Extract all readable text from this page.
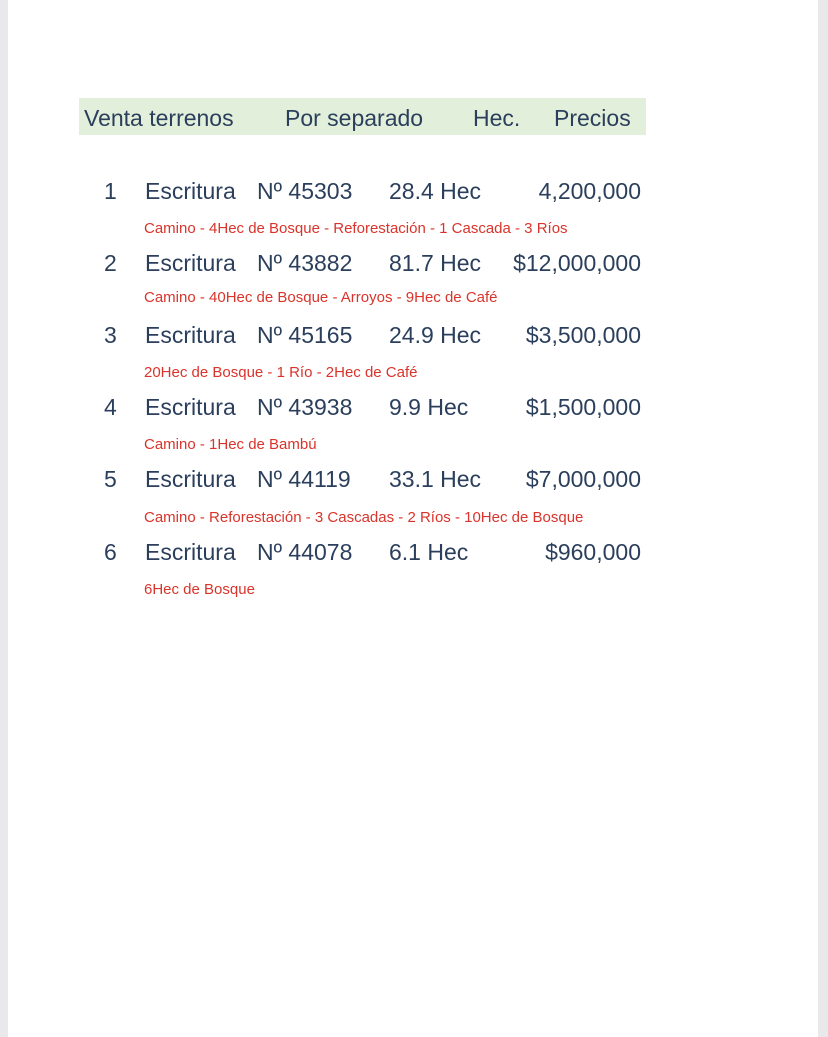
Venta terrenos Por separado Hec. Precios
1 Escritura Nº 45303 28.4 Hec	4,200,000
Camino - 4Hec de Bosque - Reforestación - 1 Cascada - 3 Ríos
2 Escritura Nº 43882 81.7 Hec $12,000,000
Camino - 40Hec de Bosque - Arroyos - 9Hec de Café
3 Escritura Nº 45165 24.9 Hec $3,500,000
20Hec de Bosque - 1 Río - 2Hec de Café
4 Escritura Nº 43938 9.9 Hec	$1,500,000
Camino - 1Hec de Bambú
5 Escritura Nº 44119 33.1 Hec $7,000,000
Camino - Reforestación - 3 Cascadas - 2 Ríos - 10Hec de Bosque
6 Escritura Nº 44078 6.1 Hec	$960,000
6Hec de Bosque
